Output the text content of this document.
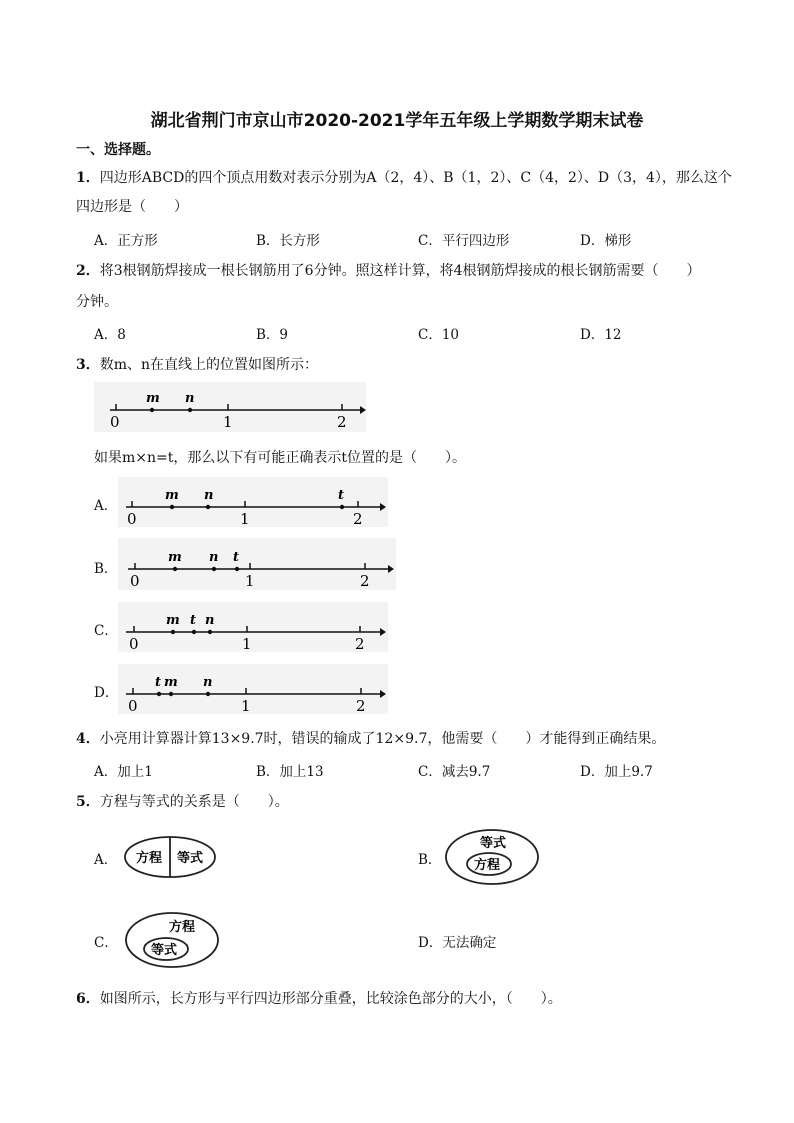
湖北省荆门市京山市2020-2021学年五年级上学期数学期末试卷
一、选择题。
1．四边形ABCD的四个顶点用数对表示分别为A（2，4）、B（1，2）、C（4，2）、D（3，4），那么这个
四边形是（　　）
A．正方形	B．长方形	C．平行四边形	D．梯形
2．将3根钢筋焊接成一根长钢筋用了6分钟。照这样计算，将4根钢筋焊接成的根长钢筋需要（　　）
分钟。
A．8	B．9	C．10	D．12
3．数m、n在直线上的位置如图所示：
m n
0	1	2
如果m×n=t，那么以下有可能正确表示t位置的是（　　）。
A．
m n	t
0	1	2
B．
m n t
0	1	2
C．
m t n
0	1	2
D．
t m n
0	1	2
4．小亮用计算器计算13×9.7时，错误的输成了12×9.7，他需要（　　）才能得到正确结果。
A．加上1	B．加上13	C．减去9.7	D．加上9.7
5．方程与等式的关系是（　　）。
A． 方程 等式	B．
等式
方程
C．
方程
等式	D．无法确定
6．如图所示，长方形与平行四边形部分重叠，比较涂色部分的大小，（　　）。
